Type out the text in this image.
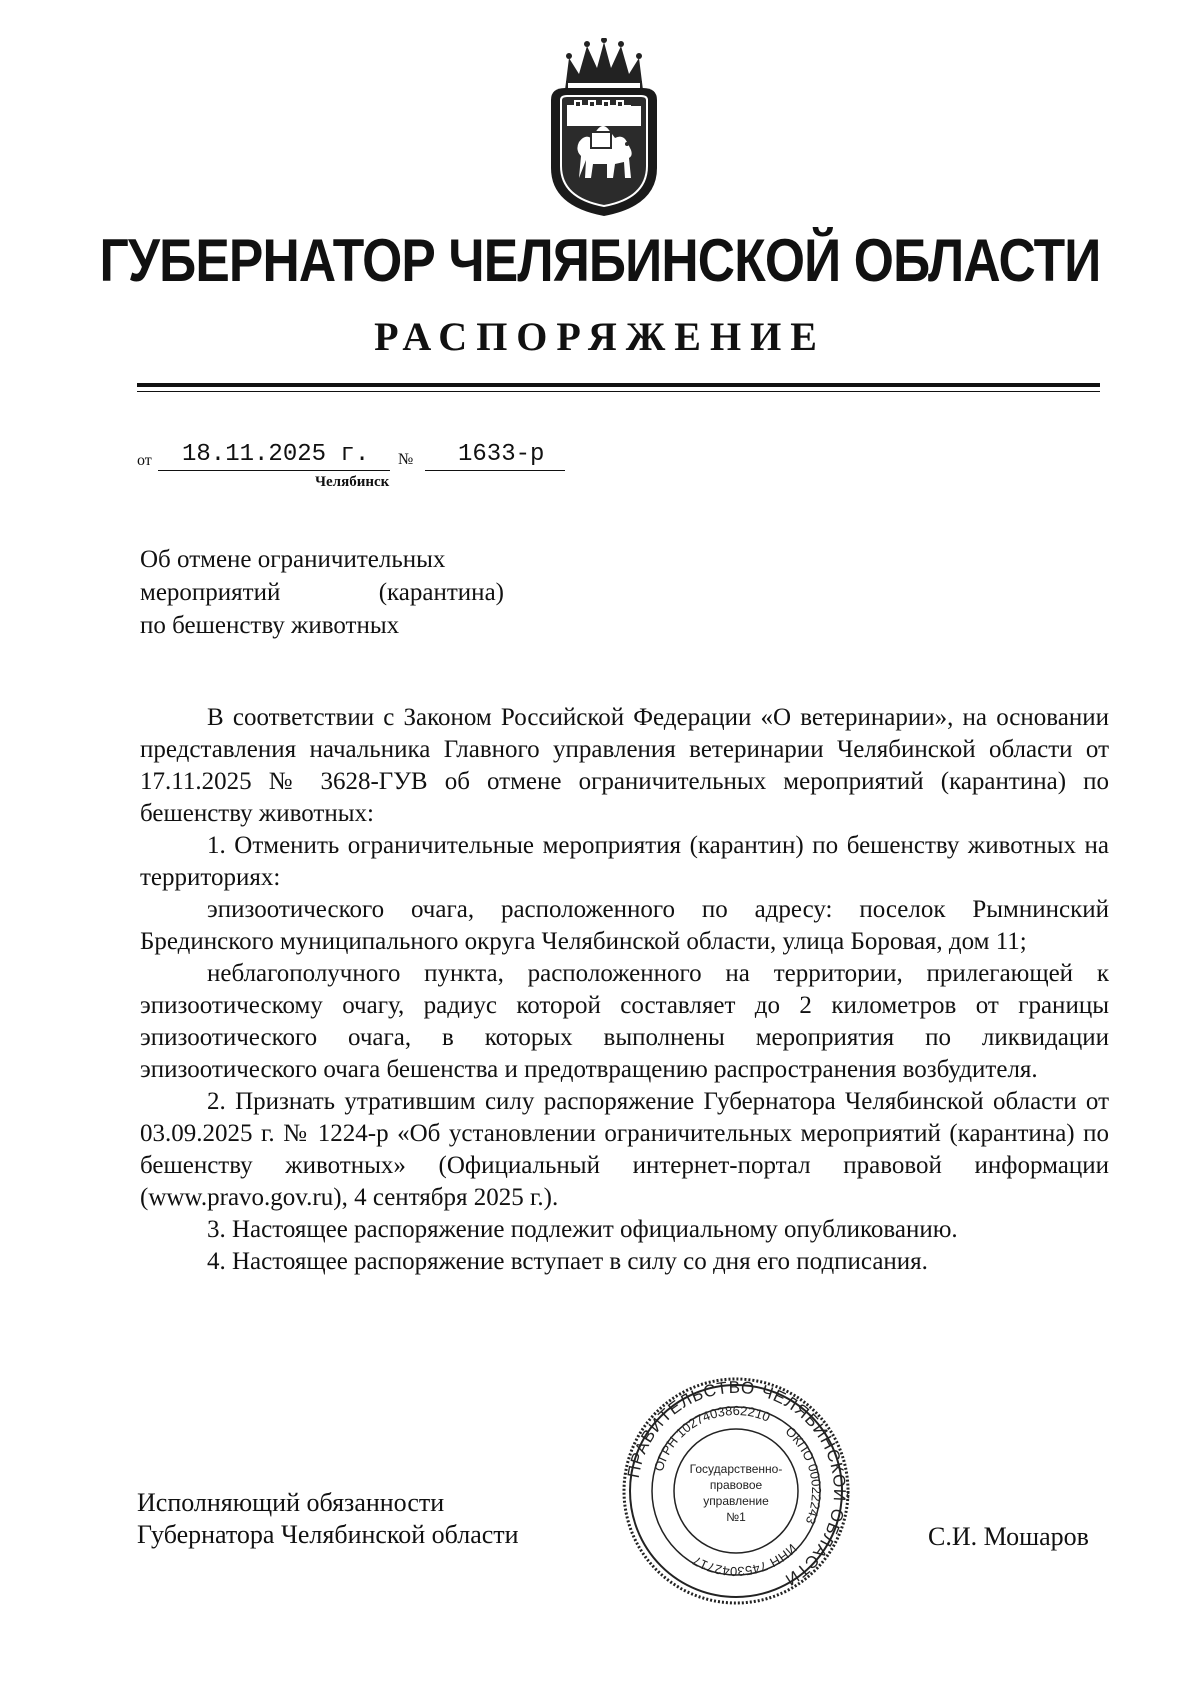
ГУБЕРНАТОР ЧЕЛЯБИНСКОЙ ОБЛАСТИ
РАСПОРЯЖЕНИЕ
от 18.11.2025 г. № 1633-р
Челябинск
Об отмене ограничительных
мероприятий	(карантина)
по бешенству животных

В соответствии с Законом Российской Федерации «О ветеринарии», на основании представления начальника Главного управления ветеринарии Челябинской области от 17.11.2025 № 3628-ГУВ об отмене ограничительных мероприятий (карантина) по бешенству животных:

1. Отменить ограничительные мероприятия (карантин) по бешенству животных на территориях:

эпизоотического очага, расположенного по адресу: поселок Рымнинский Брединского муниципального округа Челябинской области, улица Боровая, дом 11;

неблагополучного пункта, расположенного на территории, прилегающей к эпизоотическому очагу, радиус которой составляет до 2 километров от границы эпизоотического очага, в которых выполнены мероприятия по ликвидации эпизоотического очага бешенства и предотвращению распространения возбудителя.

2. Признать утратившим силу распоряжение Губернатора Челябинской области от 03.09.2025 г. № 1224-р «Об установлении ограничительных мероприятий (карантина) по бешенству животных» (Официальный интернет-портал правовой информации (www.pravo.gov.ru), 4 сентября 2025 г.).

3. Настоящее распоряжение подлежит официальному опубликованию.

4. Настоящее распоряжение вступает в силу со дня его подписания.

Исполняющий обязанности
Губернатора Челябинской области	С.И. Мошаров
ПРАВИТЕЛЬСТВО ЧЕЛЯБИНСКОЙ ОБЛАСТИ
ОГРН 1027403862210
ОКПО 00022243
ИНН 7453042717
Государственно-
правовое
управление
№1
